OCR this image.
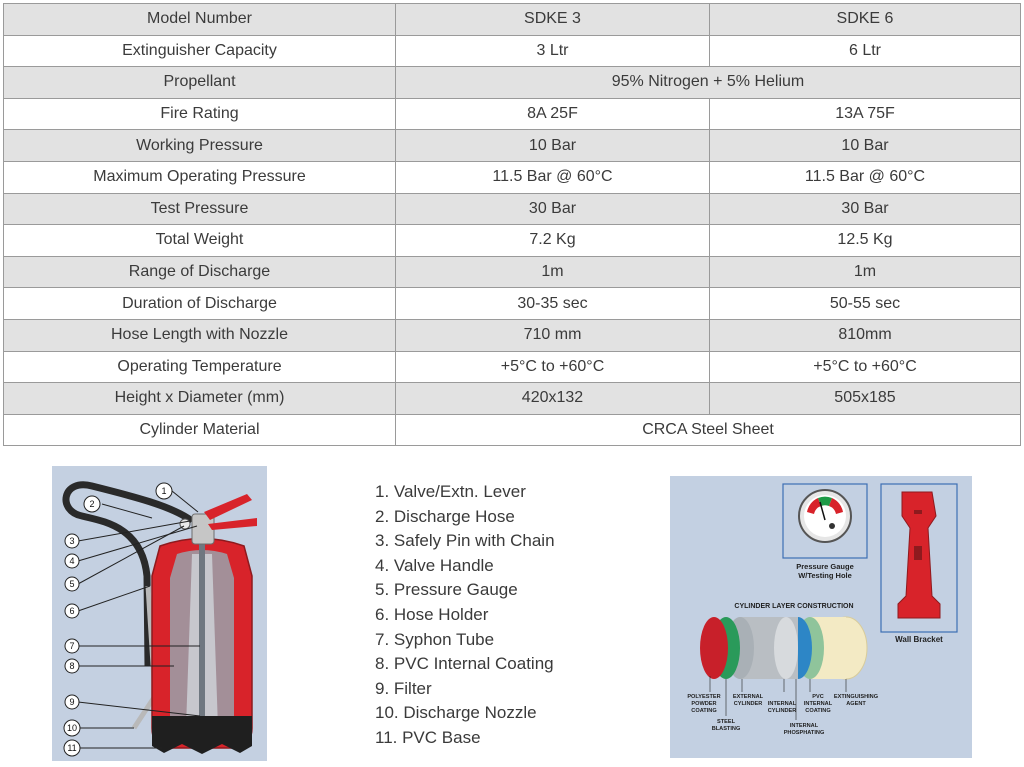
Model Number	SDKE 3	SDKE 6
Extinguisher Capacity	3 Ltr	6 Ltr
Propellant	95% Nitrogen + 5% Helium	
Fire Rating	8A 25F	13A 75F
Working Pressure	10 Bar	10 Bar
Maximum Operating Pressure	11.5 Bar @ 60°C	11.5 Bar @ 60°C
Test Pressure	30 Bar	30 Bar
Total Weight	7.2 Kg	12.5 Kg
Range of Discharge	1m	1m
Duration of Discharge	30-35 sec	50-55 sec
Hose Length with Nozzle	710 mm	810mm
Operating Temperature	+5°C to +60°C	+5°C to +60°C
Height x Diameter (mm)	420x132	505x185
Cylinder Material	CRCA Steel Sheet	
1
2
3
4
5
6
7
8
9
10
11
1. Valve/Extn. Lever
2. Discharge Hose
3. Safely Pin with Chain
4. Valve Handle
5. Pressure Gauge
6. Hose Holder
7. Syphon Tube
8. PVC Internal Coating
9. Filter
10. Discharge Nozzle
11. PVC Base
Pressure Gauge
W/Testing Hole
Wall Bracket
CYLINDER LAYER CONSTRUCTION
POLYESTER
POWDER
COATING
STEEL
BLASTING
EXTERNAL
CYLINDER INTERNAL
CYLINDER
INTERNAL
PHOSPHATING
PVC
INTERNAL
COATING
EXTINGUISHING
AGENT
